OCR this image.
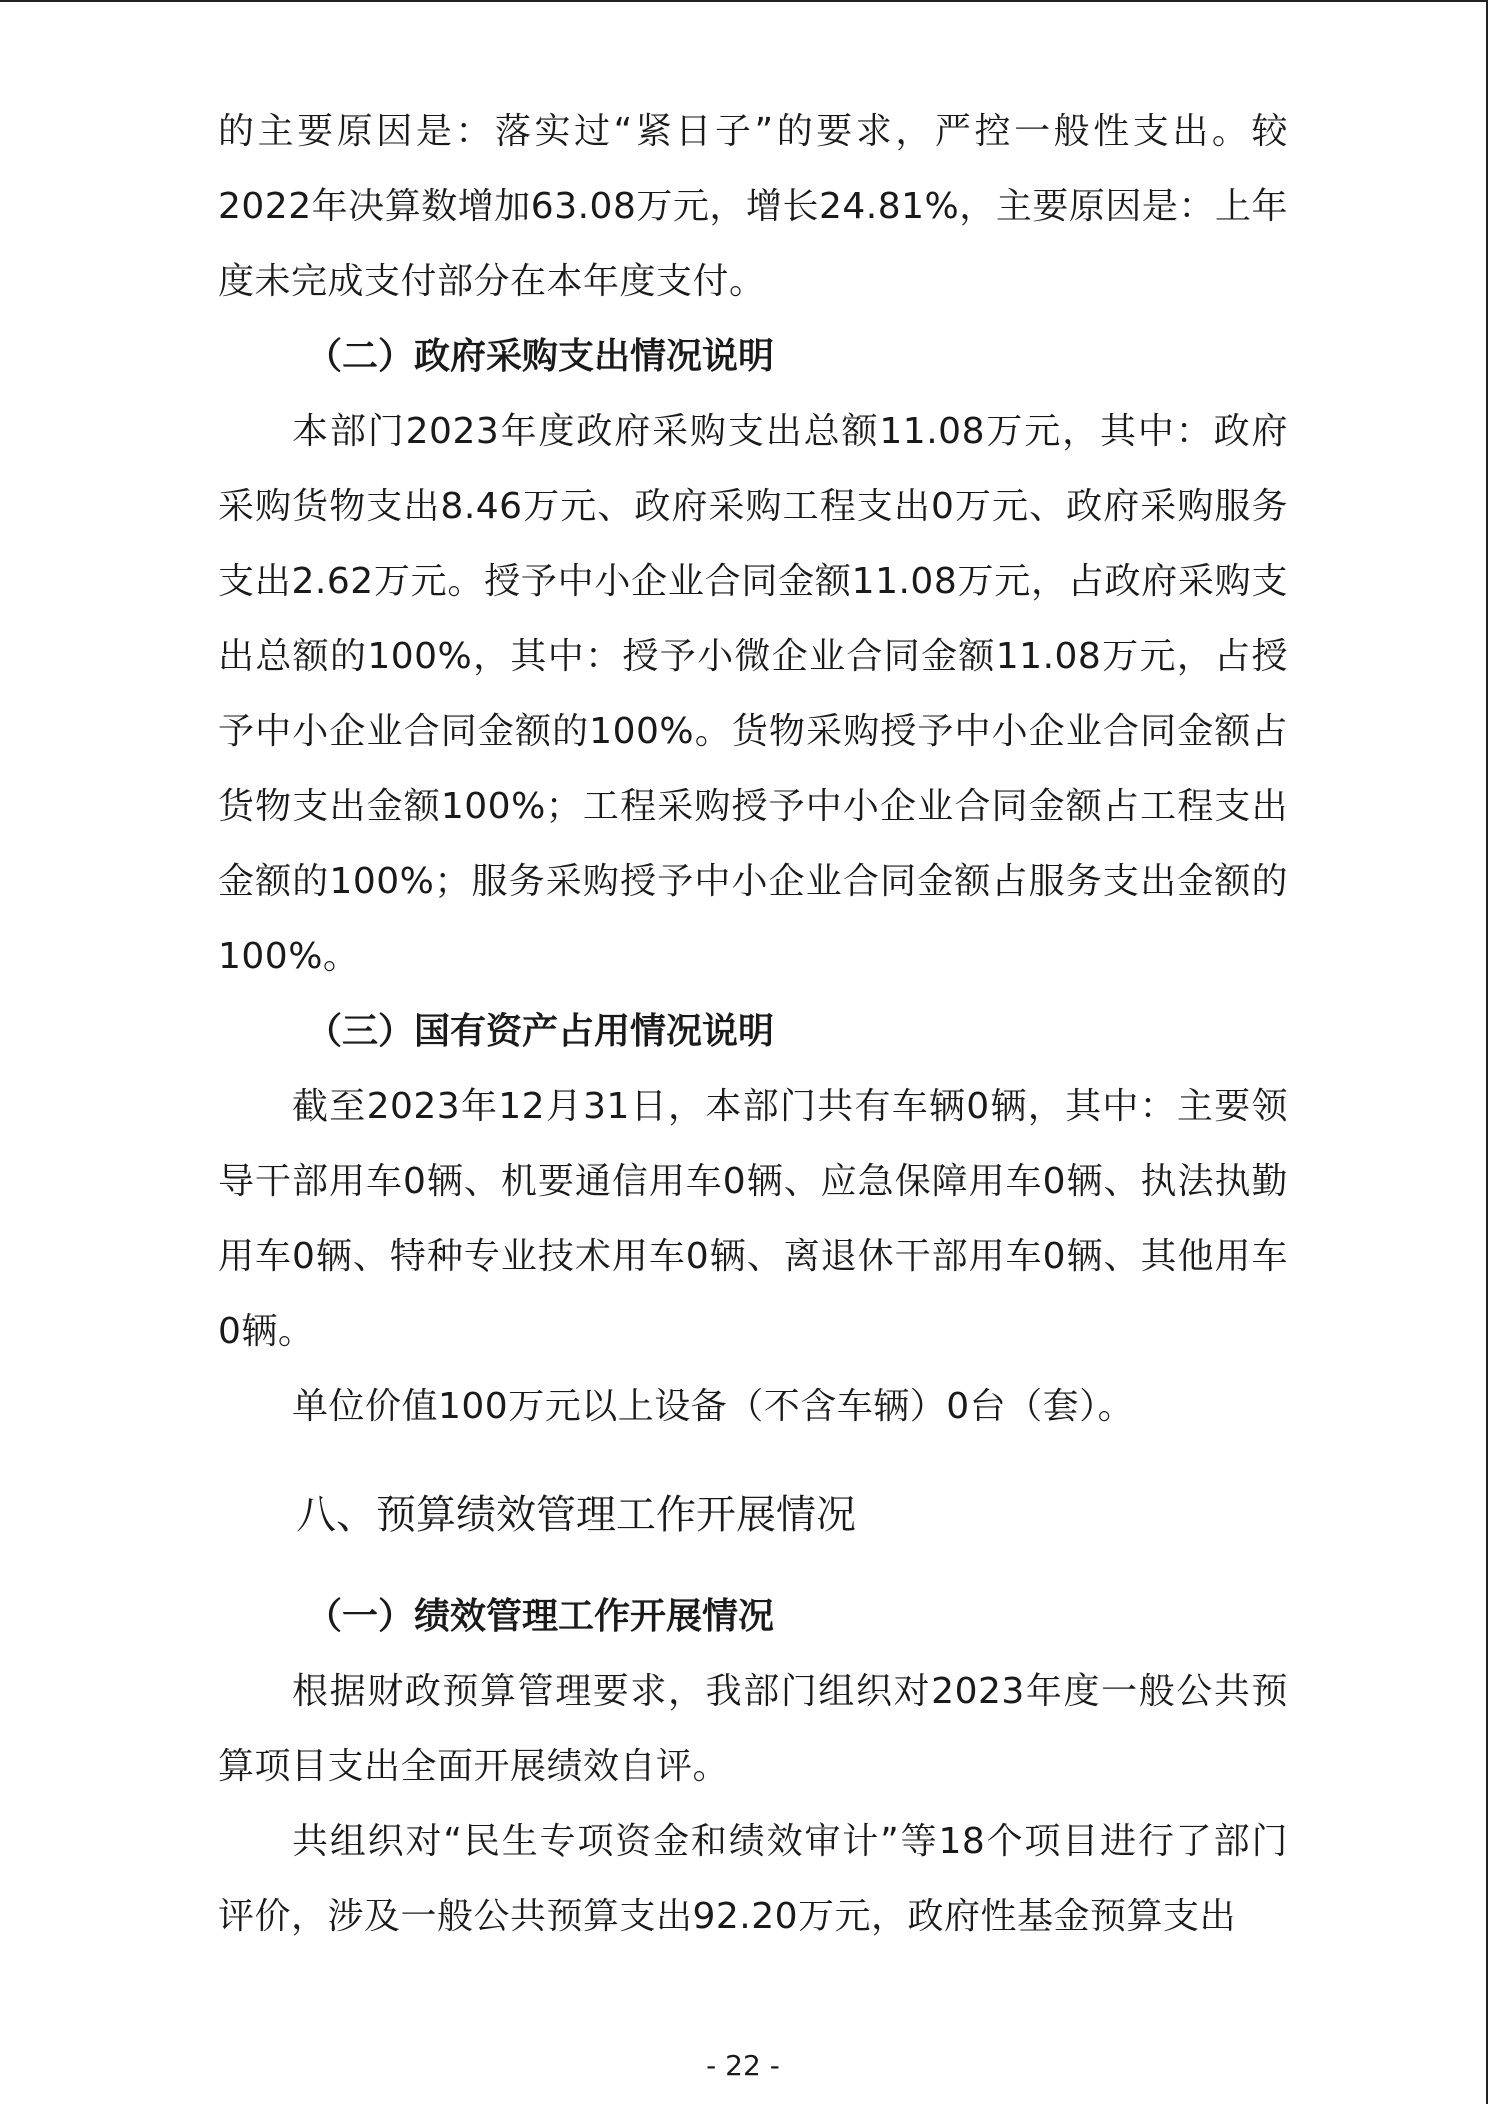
的主要原因是：落实过“紧日子”的要求，严控一般性支出。较2022年决算数增加63.08万元，增长24.81%，主要原因是：上年度未完成支付部分在本年度支付。

（二）政府采购支出情况说明

本部门2023年度政府采购支出总额11.08万元，其中：政府采购货物支出8.46万元、政府采购工程支出0万元、政府采购服务支出2.62万元。授予中小企业合同金额11.08万元，占政府采购支出总额的100%，其中：授予小微企业合同金额11.08万元，占授予中小企业合同金额的100%。货物采购授予中小企业合同金额占货物支出金额100%；工程采购授予中小企业合同金额占工程支出金额的100%；服务采购授予中小企业合同金额占服务支出金额的100%。

（三）国有资产占用情况说明

截至2023年12月31日，本部门共有车辆0辆，其中：主要领导干部用车0辆、机要通信用车0辆、应急保障用车0辆、执法执勤用车0辆、特种专业技术用车0辆、离退休干部用车0辆、其他用车0辆。

单位价值100万元以上设备（不含车辆）0台（套）。

八、预算绩效管理工作开展情况

（一）绩效管理工作开展情况

根据财政预算管理要求，我部门组织对2023年度一般公共预算项目支出全面开展绩效自评。

共组织对“民生专项资金和绩效审计”等18个项目进行了部门评价，涉及一般公共预算支出92.20万元，政府性基金预算支出

- 22 -
